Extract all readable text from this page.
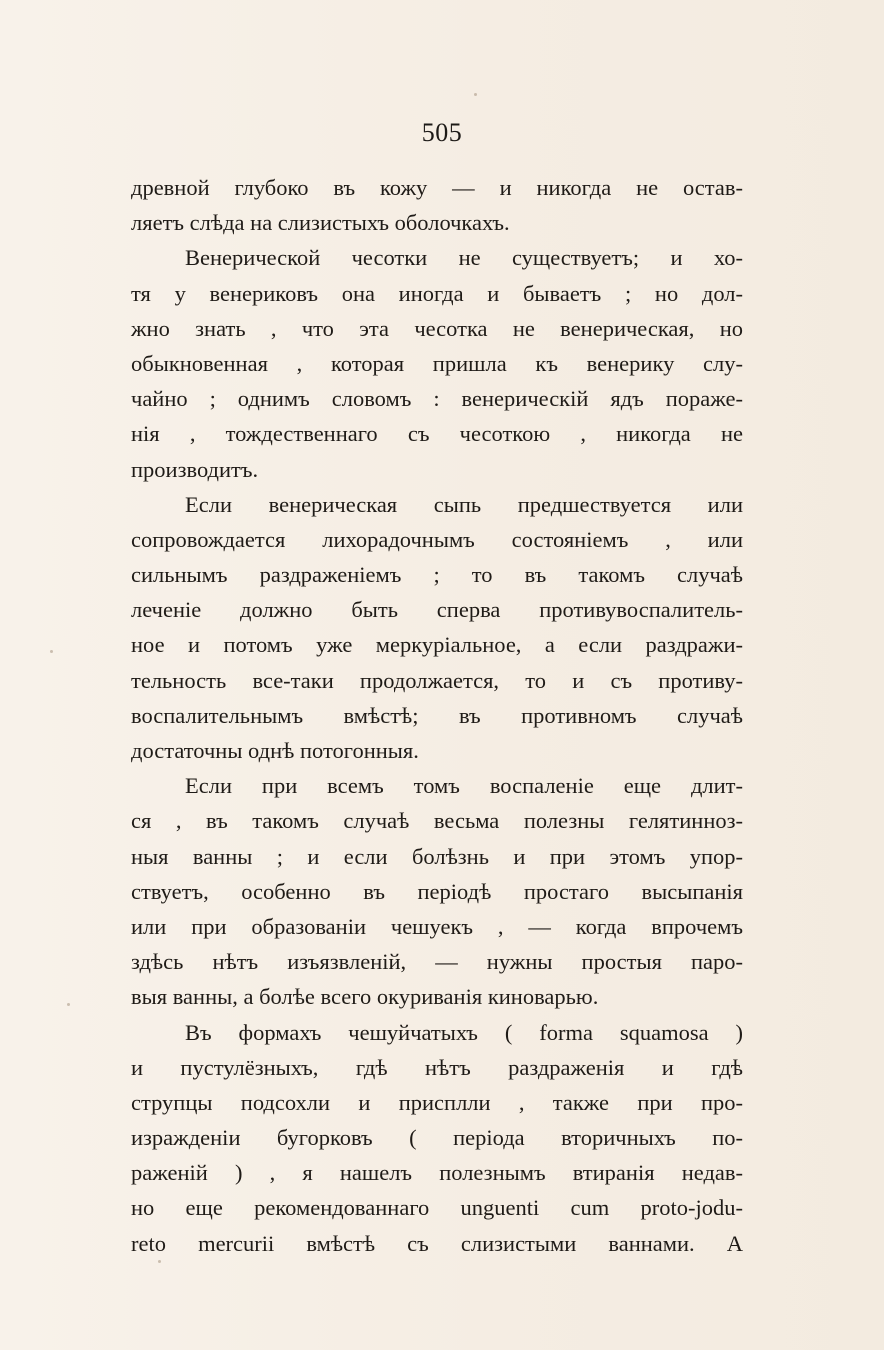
505
древной глубоко въ кожу — и никогда не остав-
ляетъ слѣда на слизистыхъ оболочкахъ.
Венерической чесотки не существуетъ; и хо-
тя у венериковъ она иногда и бываетъ ; но дол-
жно знать , что эта чесотка не венерическая, но
обыкновенная , которая пришла къ венерику слу-
чайно ; однимъ словомъ : венерическій ядъ пораже-
нія , тождественнаго съ чесоткою , никогда не
производитъ.
Если венерическая сыпь предшествуется или
сопровождается лихорадочнымъ состояніемъ , или
сильнымъ раздраженіемъ ; то въ такомъ случаѣ
леченіе должно быть сперва противувоспалитель-
ное и потомъ уже меркуріальное, а если раздражи-
тельность все-таки продолжается, то и съ противу-
воспалительнымъ вмѣстѣ; въ противномъ случаѣ
достаточны однѣ потогонныя.
Если при всемъ томъ воспаленіе еще длит-
ся , въ такомъ случаѣ весьма полезны гелятинноз-
ныя ванны ; и если болѣзнь и при этомъ упор-
ствуетъ, особенно въ періодѣ простаго высыпанія
или при образованіи чешуекъ , — когда впрочемъ
здѣсь нѣтъ изъязвленій, — нужны простыя паро-
выя ванны, а болѣе всего окуриванія киноварью.
Въ формахъ чешуйчатыхъ ( forma squamosa )
и пустулёзныхъ, гдѣ нѣтъ раздраженія и гдѣ
струпцы подсохли и присплли , также при про-
изражденіи бугорковъ ( періода вторичныхъ по-
раженій ) , я нашелъ полезнымъ втиранія недав-
но еще рекомендованнаго unguenti cum proto-jodu-
reto mercurii вмѣстѣ съ слизистыми ваннами. А
